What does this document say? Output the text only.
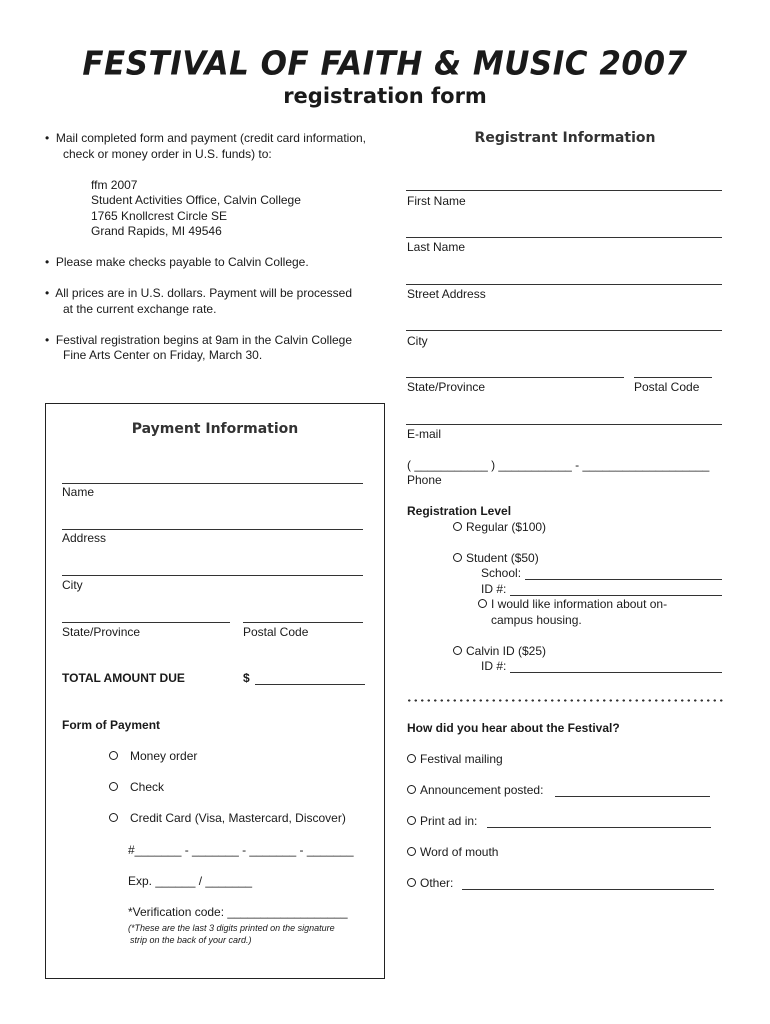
FESTIVAL OF FAITH & MUSIC 2007
registration form
•  Mail completed form and payment (credit card information,
check or money order in U.S. funds) to:
ffm 2007
Student Activities Office, Calvin College
1765 Knollcrest Circle SE
Grand Rapids, MI 49546
•  Please make checks payable to Calvin College.
•  All prices are in U.S. dollars. Payment will be processed
at the current exchange rate.
•  Festival registration begins at 9am in the Calvin College
Fine Arts Center on Friday, March 30.
Payment Information
Name
Address
City
State/Province	Postal Code
TOTAL AMOUNT DUE	$
Form of Payment
Money order
Check
Credit Card (Visa, Mastercard, Discover)
#_______ - _______ - _______ - _______
Exp. ______ / _______
*Verification code: __________________
(*These are the last 3 digits printed on the signature
strip on the back of your card.)
Registrant Information
First Name
Last Name
Street Address
City
State/Province	Postal Code
E-mail
( ___________ ) ___________ - ___________________
Phone
Registration Level
Regular ($100)
Student ($50)
School:
ID #:
I would like information about on-
campus housing.
Calvin ID ($25)
ID #:
How did you hear about the Festival?
Festival mailing
Announcement posted:
Print ad in:
Word of mouth
Other:
